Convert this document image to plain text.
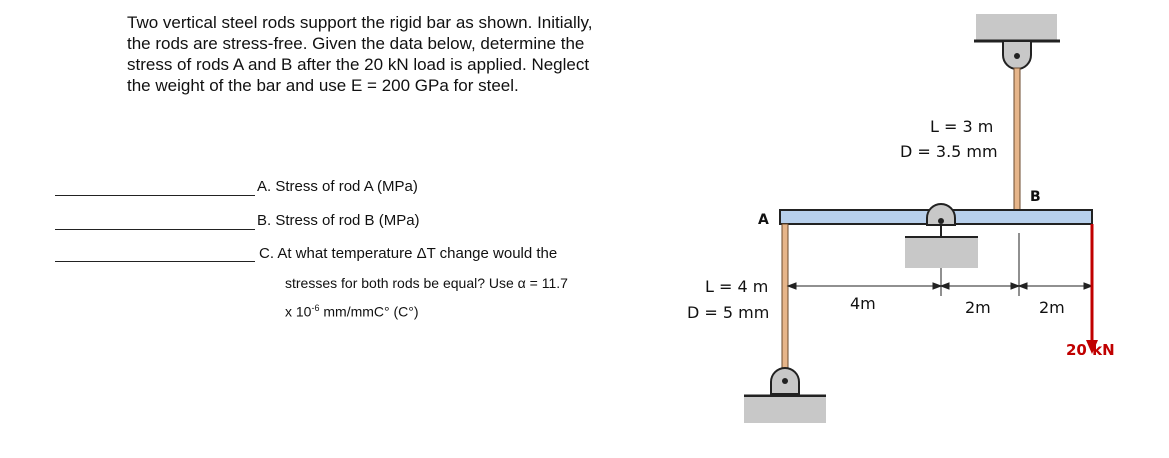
Two vertical steel rods support the rigid bar as shown. Initially,
the rods are stress-free. Given the data below, determine the
stress of rods A and B after the 20 kN load is applied. Neglect
the weight of the bar and use E = 200 GPa for steel.
A. Stress of rod A (MPa)
B. Stress of rod B (MPa)
C. At what temperature ΔT change would the
stresses for both rods be equal? Use α = 11.7
x $10^{-6}$ mm/mmC° (C°)
L = 3 m
D = 3.5 mm
B
A
L = 4 m
D = 5 mm	4m	2m	2m
20 kN
